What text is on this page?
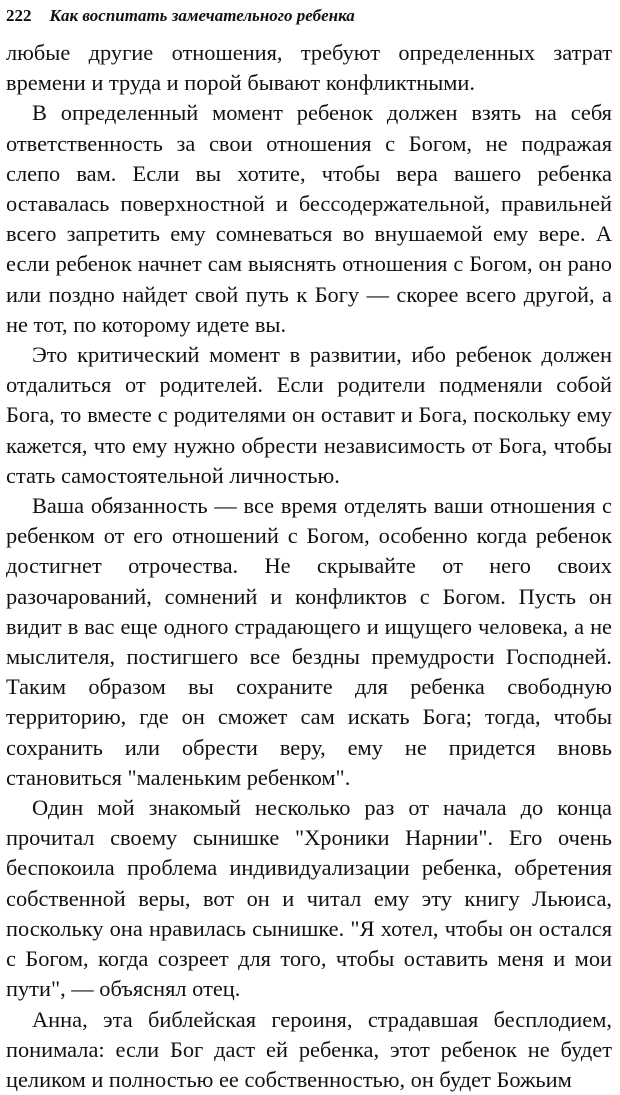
222 Как воспитать замечательного ребенка

любые другие отношения, требуют определенных затрат времени и труда и порой бывают конфликтными.

В определенный момент ребенок должен взять на себя ответственность за свои отношения с Богом, не подражая слепо вам. Если вы хотите, чтобы вера вашего ребенка оставалась поверхностной и бессодержательной, правильней всего запретить ему сомневаться во внушаемой ему вере. А если ребенок начнет сам выяснять отношения с Богом, он рано или поздно найдет свой путь к Богу — скорее всего другой, а не тот, по которому идете вы.

Это критический момент в развитии, ибо ребенок должен отдалиться от родителей. Если родители подменяли собой Бога, то вместе с родителями он оставит и Бога, поскольку ему кажется, что ему нужно обрести независимость от Бога, чтобы стать самостоятельной личностью.

Ваша обязанность — все время отделять ваши отношения с ребенком от его отношений с Богом, особенно когда ребенок достигнет отрочества. Не скрывайте от него своих разочарований, сомнений и конфликтов с Богом. Пусть он видит в вас еще одного страдающего и ищущего человека, а не мыслителя, постигшего все бездны премудрости Господней. Таким образом вы сохраните для ребенка свободную территорию, где он сможет сам искать Бога; тогда, чтобы сохранить или обрести веру, ему не придется вновь становиться "маленьким ребенком".

Один мой знакомый несколько раз от начала до конца прочитал своему сынишке "Хроники Нарнии". Его очень беспокоила проблема индивидуализации ребенка, обретения собственной веры, вот он и читал ему эту книгу Льюиса, поскольку она нравилась сынишке. "Я хотел, чтобы он остался с Богом, когда созреет для того, чтобы оставить меня и мои пути", — объяснял отец.

Анна, эта библейская героиня, страдавшая бесплодием, понимала: если Бог даст ей ребенка, этот ребенок не будет целиком и полностью ее собственностью, он будет Божьим
